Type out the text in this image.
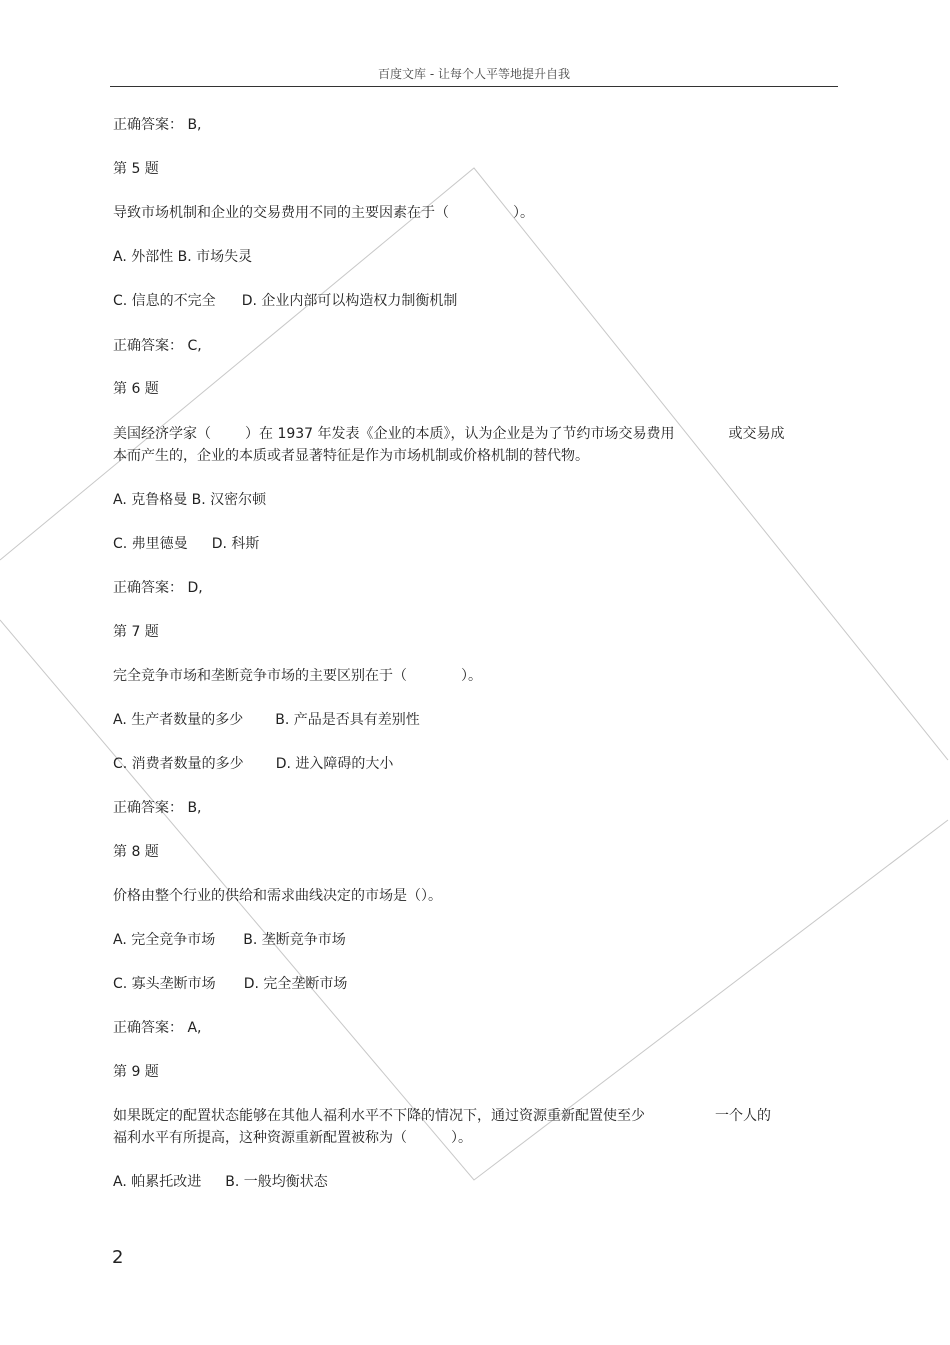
百度文库 - 让每个人平等地提升自我
正确答案： B,
第 5 题
导致市场机制和企业的交易费用不同的主要因素在于（	）。
A. 外部性 B. 市场失灵
C. 信息的不完全 D. 企业内部可以构造权力制衡机制
正确答案： C,
第 6 题
美国经济学家（ ）在 1937 年发表《企业的本质》，认为企业是为了节约市场交易费用	或交易成
本而产生的，企业的本质或者显著特征是作为市场机制或价格机制的替代物。
A. 克鲁格曼 B. 汉密尔顿
C. 弗里德曼 D. 科斯
正确答案： D,
第 7 题
完全竞争市场和垄断竞争市场的主要区别在于（	）。
A. 生产者数量的多少 B. 产品是否具有差别性
C. 消费者数量的多少 D. 进入障碍的大小
正确答案： B,
第 8 题
价格由整个行业的供给和需求曲线决定的市场是（）。
A. 完全竞争市场 B. 垄断竞争市场
C. 寡头垄断市场 D. 完全垄断市场
正确答案： A,
第 9 题
如果既定的配置状态能够在其他人福利水平不下降的情况下，通过资源重新配置使至少	一个人的
福利水平有所提高，这种资源重新配置被称为（	）。
A. 帕累托改进 B. 一般均衡状态
2
